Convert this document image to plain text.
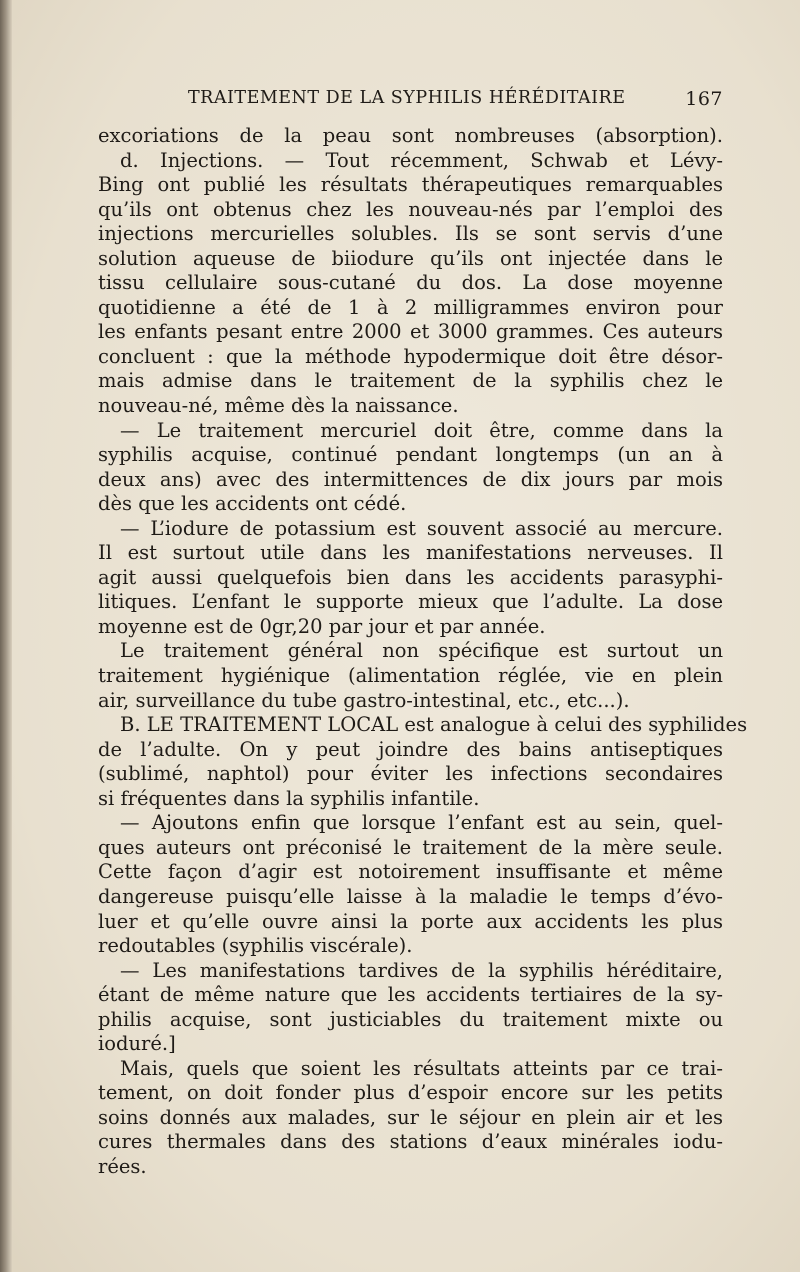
TRAITEMENT DE LA SYPHILIS HÉRÉDITAIRE	167
excoriations de la peau sont nombreuses (absorption).
d. Injections. — Tout récemment, Schwab et Lévy-
Bing ont publié les résultats thérapeutiques remarquables
qu’ils ont obtenus chez les nouveau-nés par l’emploi des
injections mercurielles solubles. Ils se sont servis d’une
solution aqueuse de biiodure qu’ils ont injectée dans le
tissu cellulaire sous-cutané du dos. La dose moyenne
quotidienne a été de 1 à 2 milligrammes environ pour
les enfants pesant entre 2000 et 3000 grammes. Ces auteurs
concluent : que la méthode hypodermique doit être désor-
mais admise dans le traitement de la syphilis chez le
nouveau-né, même dès la naissance.
— Le traitement mercuriel doit être, comme dans la
syphilis acquise, continué pendant longtemps (un an à
deux ans) avec des intermittences de dix jours par mois
dès que les accidents ont cédé.
— L’iodure de potassium est souvent associé au mercure.
Il est surtout utile dans les manifestations nerveuses. Il
agit aussi quelquefois bien dans les accidents parasyphi-
litiques. L’enfant le supporte mieux que l’adulte. La dose
moyenne est de 0gr,20 par jour et par année.
Le traitement général non spécifique est surtout un
traitement hygiénique (alimentation réglée, vie en plein
air, surveillance du tube gastro-intestinal, etc., etc...).
B. LE TRAITEMENT LOCAL est analogue à celui des syphilides
de l’adulte. On y peut joindre des bains antiseptiques
(sublimé, naphtol) pour éviter les infections secondaires
si fréquentes dans la syphilis infantile.
— Ajoutons enfin que lorsque l’enfant est au sein, quel-
ques auteurs ont préconisé le traitement de la mère seule.
Cette façon d’agir est notoirement insuffisante et même
dangereuse puisqu’elle laisse à la maladie le temps d’évo-
luer et qu’elle ouvre ainsi la porte aux accidents les plus
redoutables (syphilis viscérale).
— Les manifestations tardives de la syphilis héréditaire,
étant de même nature que les accidents tertiaires de la sy-
philis acquise, sont justiciables du traitement mixte ou
ioduré.]
Mais, quels que soient les résultats atteints par ce trai-
tement, on doit fonder plus d’espoir encore sur les petits
soins donnés aux malades, sur le séjour en plein air et les
cures thermales dans des stations d’eaux minérales iodu-
rées.
